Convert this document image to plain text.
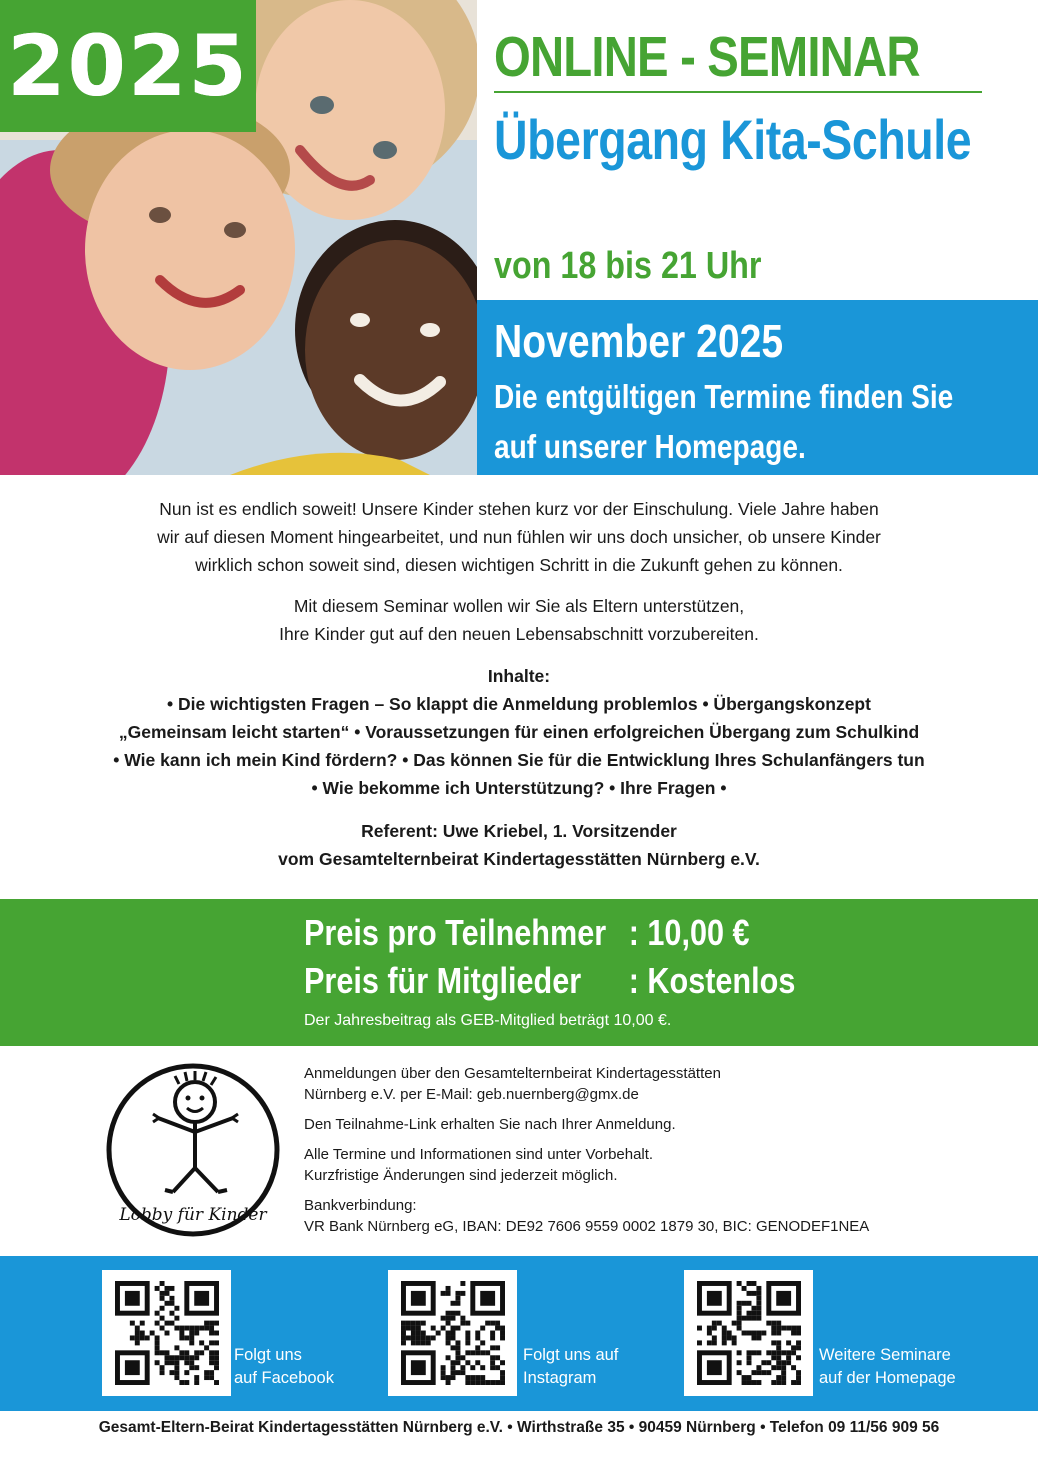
2025	ONLINE - SEMINAR
Übergang Kita-Schule
von 18 bis 21 Uhr
November 2025
Die entgültigen Termine finden Sie
auf unserer Homepage.
Nun ist es endlich soweit! Unsere Kinder stehen kurz vor der Einschulung. Viele Jahre haben
wir auf diesen Moment hingearbeitet, und nun fühlen wir uns doch unsicher, ob unsere Kinder
wirklich schon soweit sind, diesen wichtigen Schritt in die Zukunft gehen zu können.
Mit diesem Seminar wollen wir Sie als Eltern unterstützen,
Ihre Kinder gut auf den neuen Lebensabschnitt vorzubereiten.
Inhalte:
• Die wichtigsten Fragen – So klappt die Anmeldung problemlos • Übergangskonzept
„Gemeinsam leicht starten“ • Voraussetzungen für einen erfolgreichen Übergang zum Schulkind
• Wie kann ich mein Kind fördern? • Das können Sie für die Entwicklung Ihres Schulanfängers tun
• Wie bekomme ich Unterstützung? • Ihre Fragen •
Referent: Uwe Kriebel, 1. Vorsitzender
vom Gesamtelternbeirat Kindertagesstätten Nürnberg e.V.
Preis pro Teilnehmer : 10,00 €
Preis für Mitglieder : Kostenlos
Der Jahresbeitrag als GEB-Mitglied beträgt 10,00 €.
Lobby für Kinder

Anmeldungen über den Gesamtelternbeirat Kindertagesstätten
Nürnberg e.V. per E-Mail: geb.nuernberg@gmx.de

Den Teilnahme-Link erhalten Sie nach Ihrer Anmeldung.

Alle Termine und Informationen sind unter Vorbehalt.
Kurzfristige Änderungen sind jederzeit möglich.

Bankverbindung:
VR Bank Nürnberg eG, IBAN: DE92 7606 9559 0002 1879 30, BIC: GENODEF1NEA

Folgt uns
auf Facebook
Folgt uns auf
Instagram
Weitere Seminare
auf der Homepage
Gesamt-Eltern-Beirat Kindertagesstätten Nürnberg e.V. • Wirthstraße 35 • 90459 Nürnberg • Telefon 09 11/56 909 56
